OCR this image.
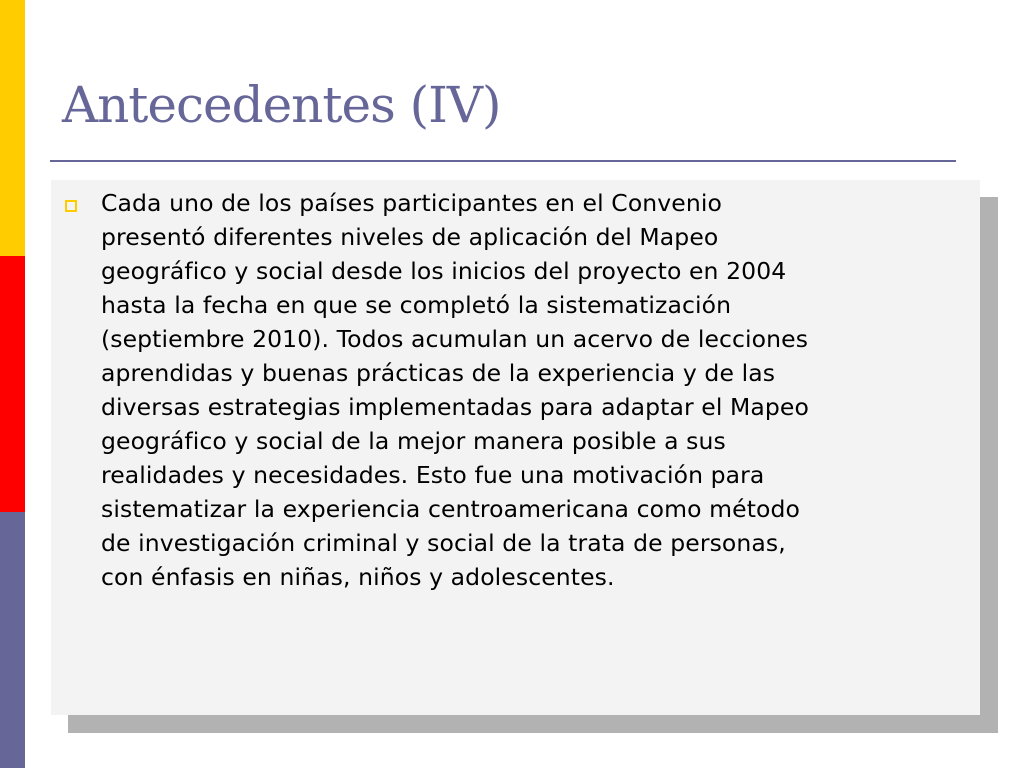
Antecedentes (IV)

Cada uno de los países participantes en el Convenio
presentó diferentes niveles de aplicación del Mapeo
geográfico y social desde los inicios del proyecto en 2004
hasta la fecha en que se completó la sistematización
(septiembre 2010). Todos acumulan un acervo de lecciones
aprendidas y buenas prácticas de la experiencia y de las
diversas estrategias implementadas para adaptar el Mapeo
geográfico y social de la mejor manera posible a sus
realidades y necesidades. Esto fue una motivación para
sistematizar la experiencia centroamericana como método
de investigación criminal y social de la trata de personas,
con énfasis en niñas, niños y adolescentes.
